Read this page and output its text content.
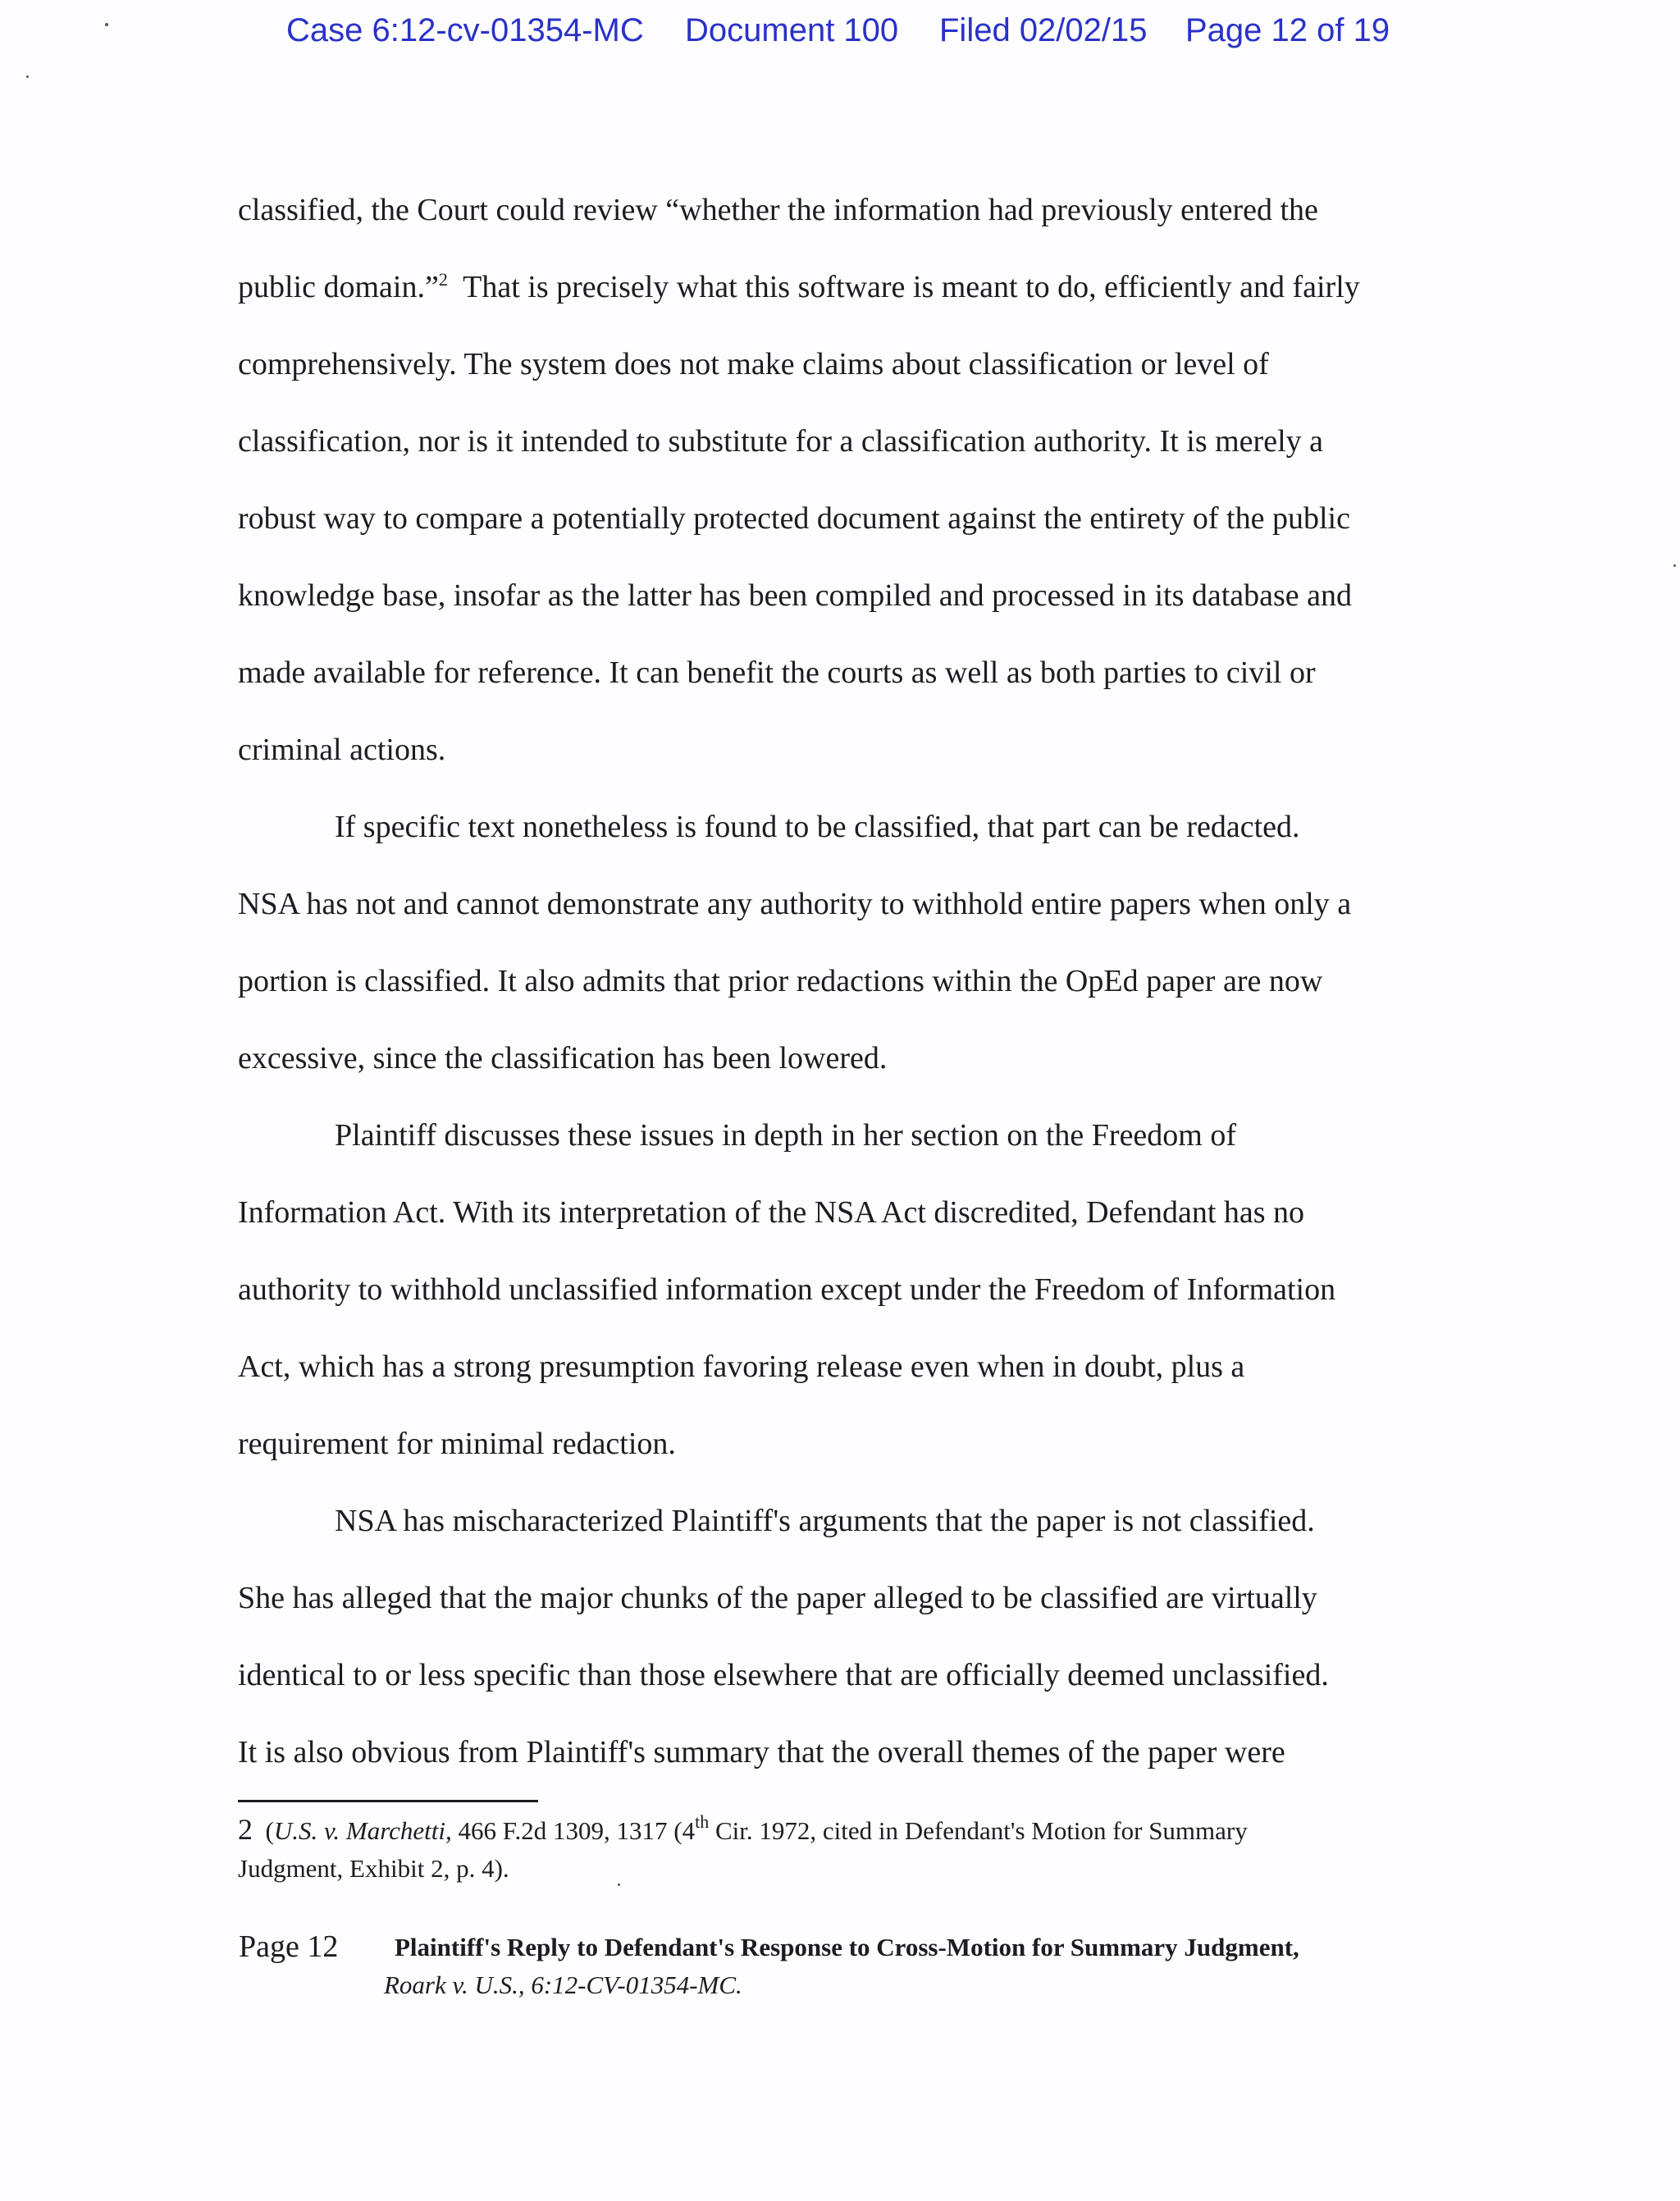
Case 6:12-cv-01354-MC Document 100 Filed 02/02/15 Page 12 of 19

classified, the Court could review “whether the information had previously entered the

public domain.”$^2$ That is precisely what this software is meant to do, efficiently and fairly

comprehensively. The system does not make claims about classification or level of

classification, nor is it intended to substitute for a classification authority. It is merely a

robust way to compare a potentially protected document against the entirety of the public

knowledge base, insofar as the latter has been compiled and processed in its database and

made available for reference. It can benefit the courts as well as both parties to civil or

criminal actions.

If specific text nonetheless is found to be classified, that part can be redacted.

NSA has not and cannot demonstrate any authority to withhold entire papers when only a

portion is classified. It also admits that prior redactions within the OpEd paper are now

excessive, since the classification has been lowered.

Plaintiff discusses these issues in depth in her section on the Freedom of

Information Act. With its interpretation of the NSA Act discredited, Defendant has no

authority to withhold unclassified information except under the Freedom of Information

Act, which has a strong presumption favoring release even when in doubt, plus a

requirement for minimal redaction.

NSA has mischaracterized Plaintiff's arguments that the paper is not classified.

She has alleged that the major chunks of the paper alleged to be classified are virtually

identical to or less specific than those elsewhere that are officially deemed unclassified.

It is also obvious from Plaintiff's summary that the overall themes of the paper were

2 (U.S. v. Marchetti, 466 F.2d 1309, 1317 (4th Cir. 1972, cited in Defendant's Motion for Summary

Judgment, Exhibit 2, p. 4).

Page 12 Plaintiff's Reply to Defendant's Response to Cross-Motion for Summary Judgment,
Roark v. U.S., 6:12-CV-01354-MC.
